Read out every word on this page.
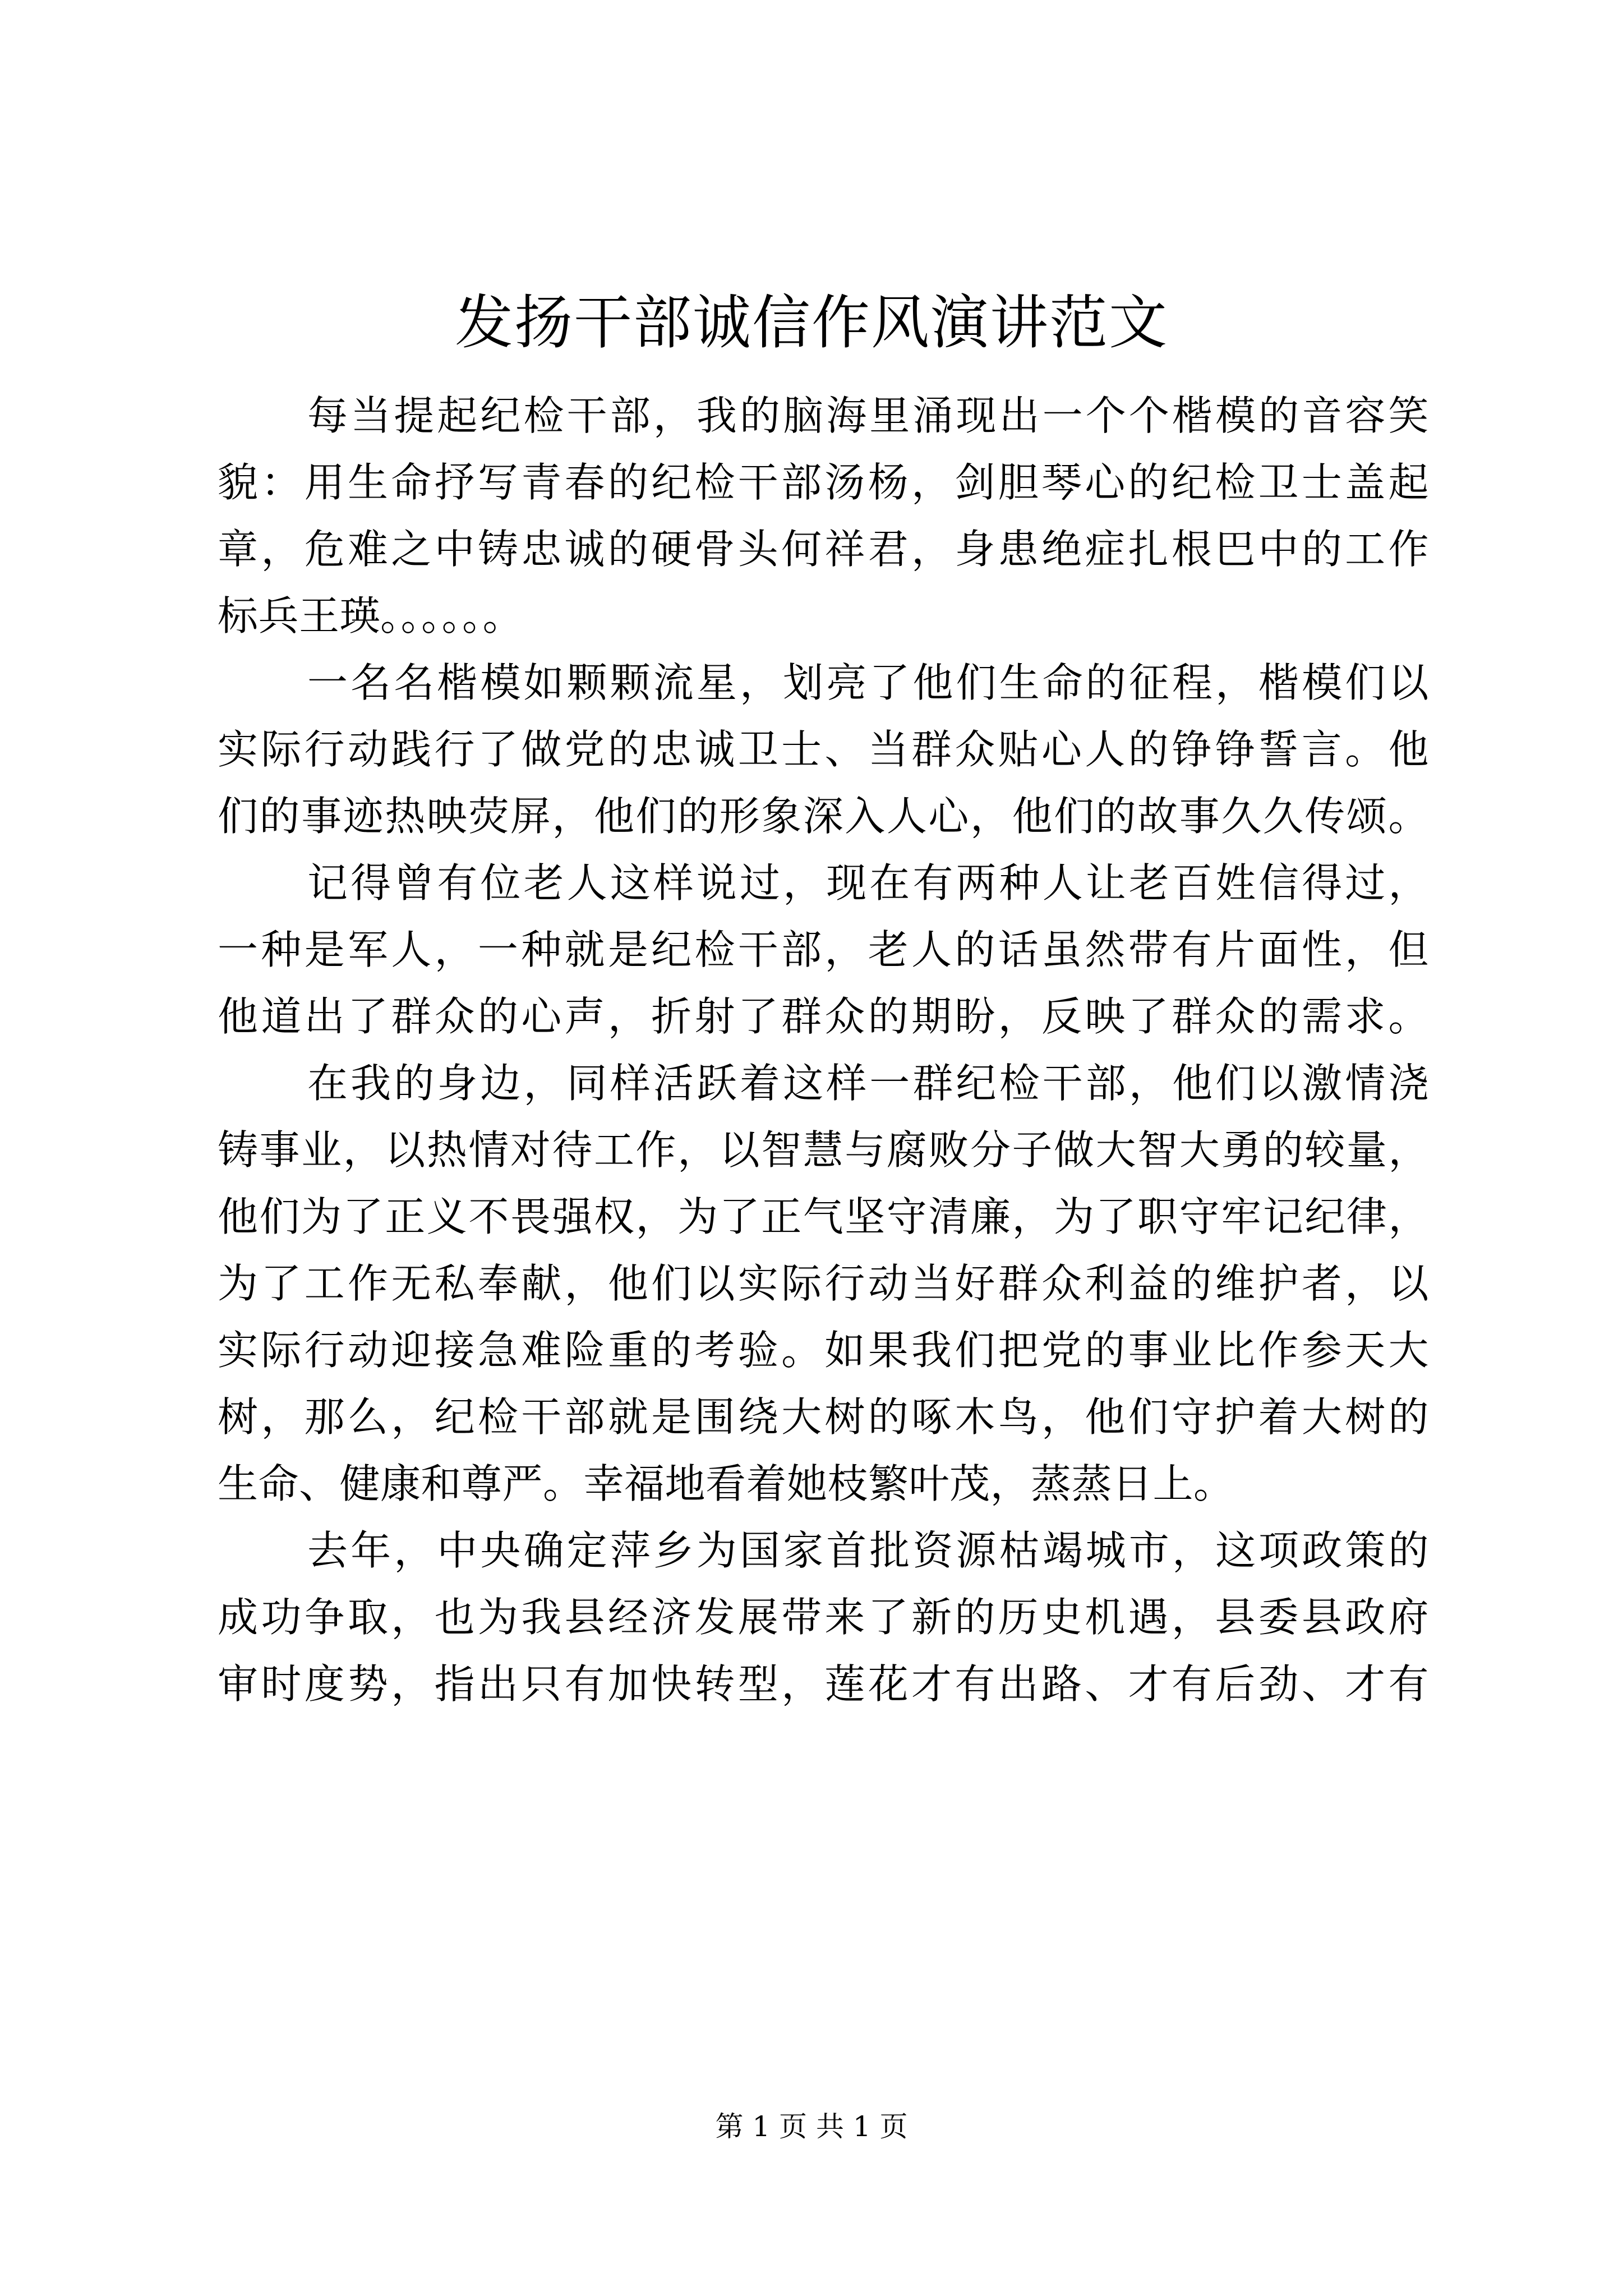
发扬干部诚信作风演讲范文
每当提起纪检干部，我的脑海里涌现出一个个楷模的音容笑
貌：用生命抒写青春的纪检干部汤杨，剑胆琴心的纪检卫士盖起
章，危难之中铸忠诚的硬骨头何祥君，身患绝症扎根巴中的工作
标兵王瑛。。。。。。
一名名楷模如颗颗流星，划亮了他们生命的征程，楷模们以
实际行动践行了做党的忠诚卫士、当群众贴心人的铮铮誓言。他
们的事迹热映荧屏，他们的形象深入人心，他们的故事久久传颂。
记得曾有位老人这样说过，现在有两种人让老百姓信得过，
一种是军人，一种就是纪检干部，老人的话虽然带有片面性，但
他道出了群众的心声，折射了群众的期盼，反映了群众的需求。
在我的身边，同样活跃着这样一群纪检干部，他们以激情浇
铸事业，以热情对待工作，以智慧与腐败分子做大智大勇的较量，
他们为了正义不畏强权，为了正气坚守清廉，为了职守牢记纪律，
为了工作无私奉献，他们以实际行动当好群众利益的维护者，以
实际行动迎接急难险重的考验。如果我们把党的事业比作参天大
树，那么，纪检干部就是围绕大树的啄木鸟，他们守护着大树的
生命、健康和尊严。幸福地看着她枝繁叶茂，蒸蒸日上。
去年，中央确定萍乡为国家首批资源枯竭城市，这项政策的
成功争取，也为我县经济发展带来了新的历史机遇，县委县政府
审时度势，指出只有加快转型，莲花才有出路、才有后劲、才有
第 1 页 共 1 页
